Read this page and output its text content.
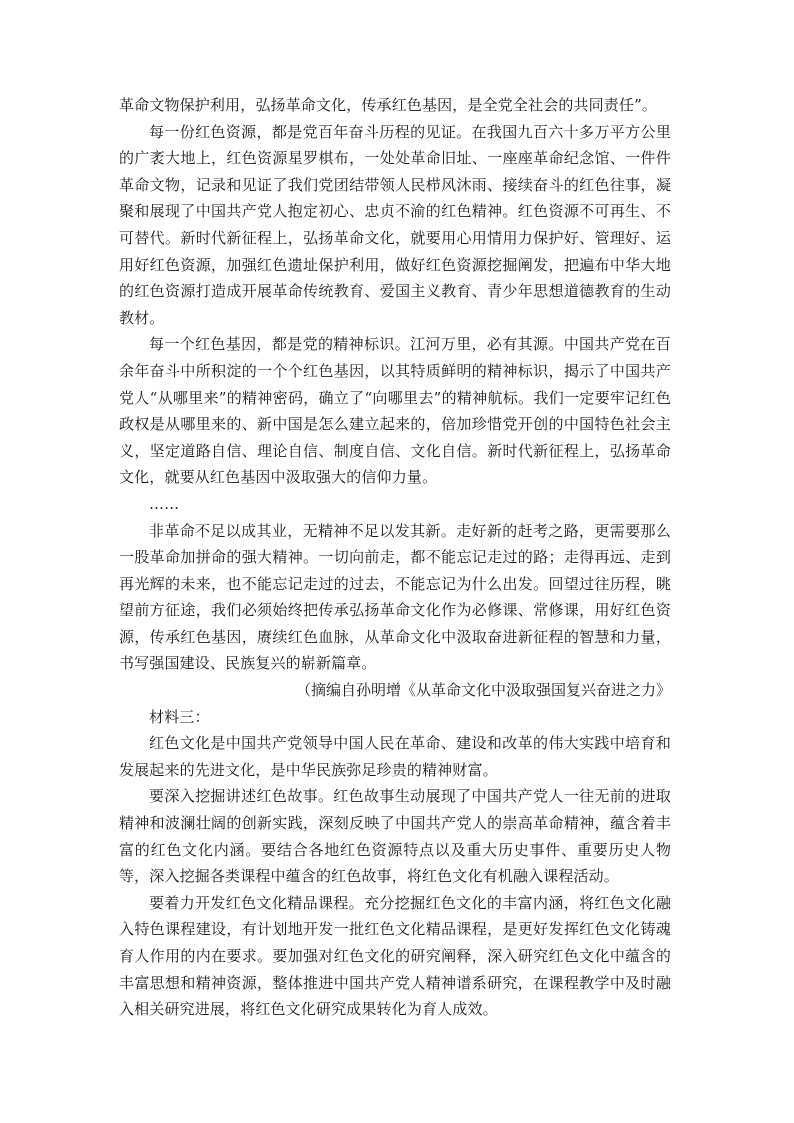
革命文物保护利用，弘扬革命文化，传承红色基因，是全党全社会的共同责任”。

每一份红色资源，都是党百年奋斗历程的见证。在我国九百六十多万平方公里的广袤大地上，红色资源星罗棋布，一处处革命旧址、一座座革命纪念馆、一件件革命文物，记录和见证了我们党团结带领人民栉风沐雨、接续奋斗的红色往事，凝聚和展现了中国共产党人抱定初心、忠贞不渝的红色精神。红色资源不可再生、不可替代。新时代新征程上，弘扬革命文化，就要用心用情用力保护好、管理好、运用好红色资源，加强红色遗址保护利用，做好红色资源挖掘阐发，把遍布中华大地的红色资源打造成开展革命传统教育、爱国主义教育、青少年思想道德教育的生动教材。

每一个红色基因，都是党的精神标识。江河万里，必有其源。中国共产党在百余年奋斗中所积淀的一个个红色基因，以其特质鲜明的精神标识，揭示了中国共产党人“从哪里来”的精神密码，确立了“向哪里去”的精神航标。我们一定要牢记红色政权是从哪里来的、新中国是怎么建立起来的，倍加珍惜党开创的中国特色社会主义，坚定道路自信、理论自信、制度自信、文化自信。新时代新征程上，弘扬革命文化，就要从红色基因中汲取强大的信仰力量。

……

非革命不足以成其业，无精神不足以发其新。走好新的赶考之路，更需要那么一股革命加拼命的强大精神。一切向前走，都不能忘记走过的路；走得再远、走到再光辉的未来，也不能忘记走过的过去，不能忘记为什么出发。回望过往历程，眺望前方征途，我们必须始终把传承弘扬革命文化作为必修课、常修课，用好红色资源，传承红色基因，赓续红色血脉，从革命文化中汲取奋进新征程的智慧和力量，书写强国建设、民族复兴的崭新篇章。

（摘编自孙明增《从革命文化中汲取强国复兴奋进之力》

材料三：

红色文化是中国共产党领导中国人民在革命、建设和改革的伟大实践中培育和发展起来的先进文化，是中华民族弥足珍贵的精神财富。

要深入挖掘讲述红色故事。红色故事生动展现了中国共产党人一往无前的进取精神和波澜壮阔的创新实践，深刻反映了中国共产党人的崇高革命精神，蕴含着丰富的红色文化内涵。要结合各地红色资源特点以及重大历史事件、重要历史人物等，深入挖掘各类课程中蕴含的红色故事，将红色文化有机融入课程活动。

要着力开发红色文化精品课程。充分挖掘红色文化的丰富内涵，将红色文化融入特色课程建设，有计划地开发一批红色文化精品课程，是更好发挥红色文化铸魂育人作用的内在要求。要加强对红色文化的研究阐释，深入研究红色文化中蕴含的丰富思想和精神资源，整体推进中国共产党人精神谱系研究，在课程教学中及时融入相关研究进展，将红色文化研究成果转化为育人成效。
